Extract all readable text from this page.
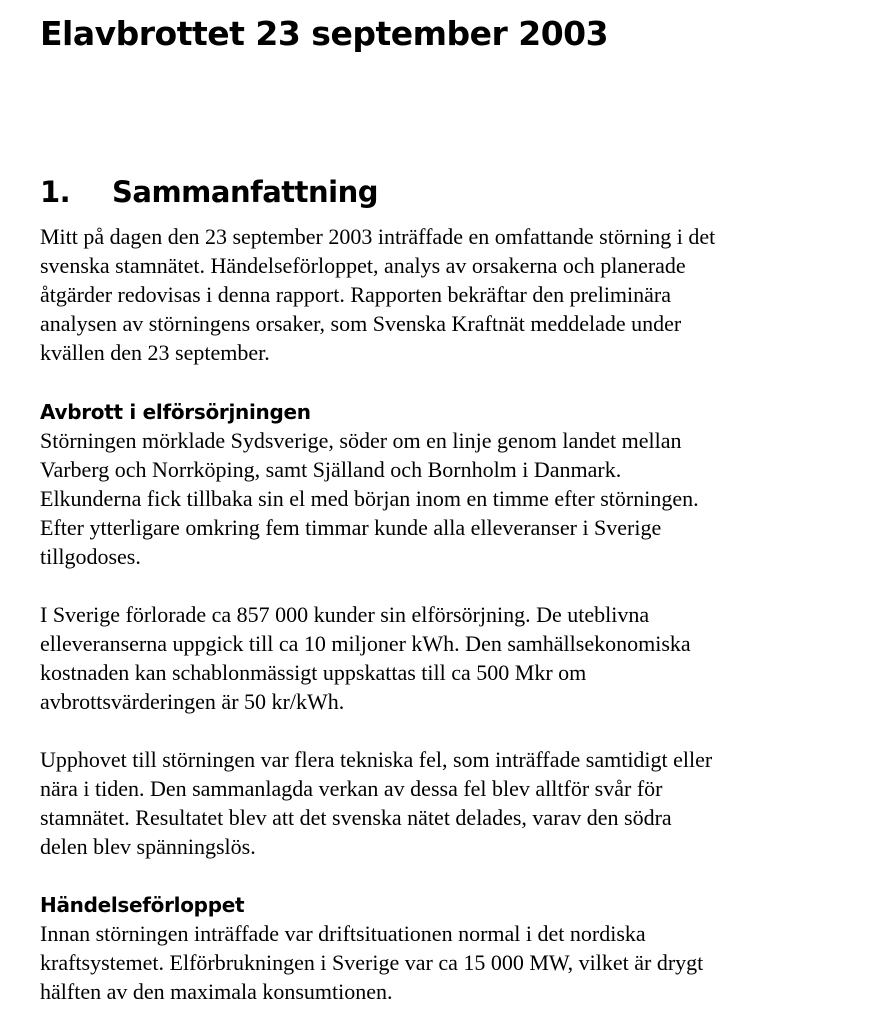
Elavbrottet 23 september 2003
1. Sammanfattning

Mitt på dagen den 23 september 2003 inträffade en omfattande störning i det
svenska stamnätet. Händelseförloppet, analys av orsakerna och planerade
åtgärder redovisas i denna rapport. Rapporten bekräftar den preliminära
analysen av störningens orsaker, som Svenska Kraftnät meddelade under
kvällen den 23 september.

Avbrott i elförsörjningen

Störningen mörklade Sydsverige, söder om en linje genom landet mellan
Varberg och Norrköping, samt Själland och Bornholm i Danmark.
Elkunderna fick tillbaka sin el med början inom en timme efter störningen.
Efter ytterligare omkring fem timmar kunde alla elleveranser i Sverige
tillgodoses.

I Sverige förlorade ca 857 000 kunder sin elförsörjning. De uteblivna
elleveranserna uppgick till ca 10 miljoner kWh. Den samhällsekonomiska
kostnaden kan schablonmässigt uppskattas till ca 500 Mkr om
avbrottsvärderingen är 50 kr/kWh.

Upphovet till störningen var flera tekniska fel, som inträffade samtidigt eller
nära i tiden. Den sammanlagda verkan av dessa fel blev alltför svår för
stamnätet. Resultatet blev att det svenska nätet delades, varav den södra
delen blev spänningslös.

Händelseförloppet

Innan störningen inträffade var driftsituationen normal i det nordiska
kraftsystemet. Elförbrukningen i Sverige var ca 15 000 MW, vilket är drygt
hälften av den maximala konsumtionen.
